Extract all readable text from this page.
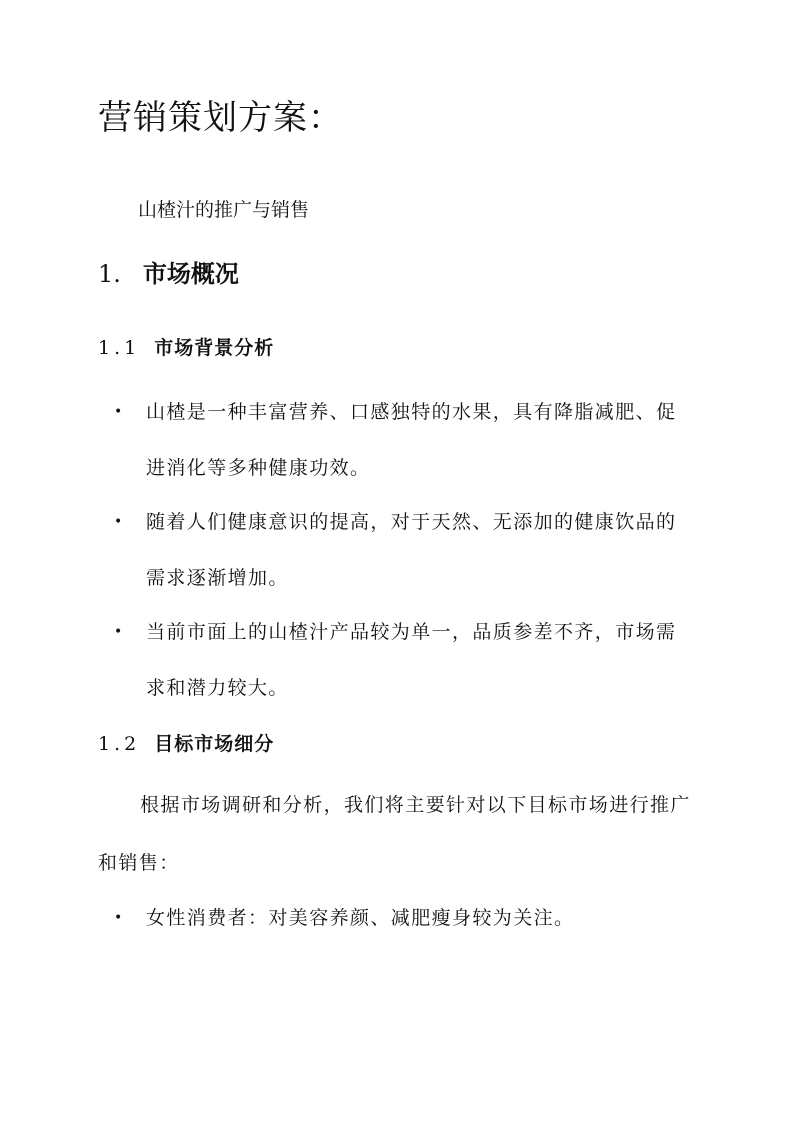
营销策划方案：

山楂汁的推广与销售

1. 市场概况
1.1 市场背景分析
•	山楂是一种丰富营养、口感独特的水果，具有降脂减肥、促进消化等多种健康功效。
•	随着人们健康意识的提高，对于天然、无添加的健康饮品的需求逐渐增加。
•	当前市面上的山楂汁产品较为单一，品质参差不齐，市场需求和潜力较大。
1.2 目标市场细分

根据市场调研和分析，我们将主要针对以下目标市场进行推广和销售：

•	女性消费者：对美容养颜、减肥瘦身较为关注。
